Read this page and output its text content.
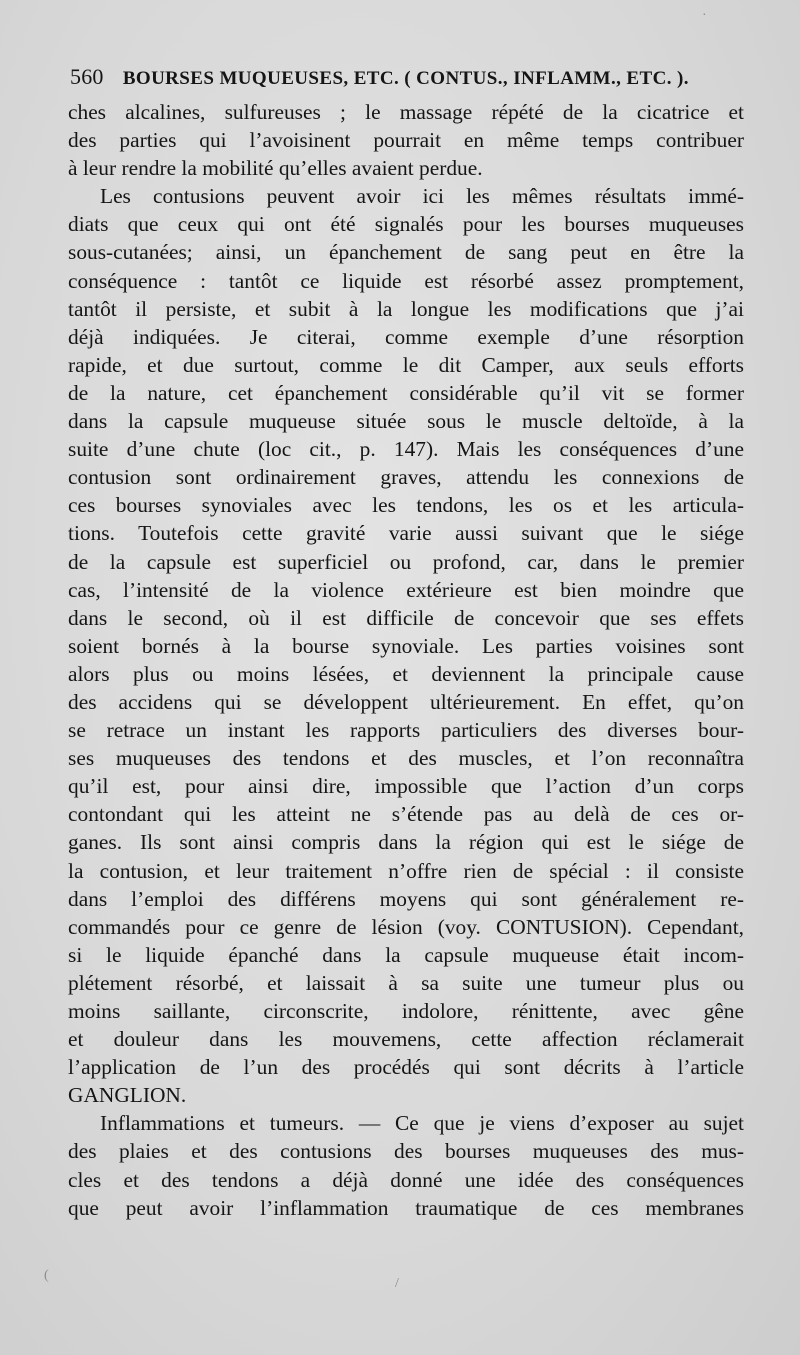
560 BOURSES MUQUEUSES, ETC. ( CONTUS., INFLAMM., ETC. ).
ches alcalines, sulfureuses ; le massage répété de la cicatrice et
des parties qui l’avoisinent pourrait en même temps contribuer
à leur rendre la mobilité qu’elles avaient perdue.
Les contusions peuvent avoir ici les mêmes résultats immé-
diats que ceux qui ont été signalés pour les bourses muqueuses
sous-cutanées; ainsi, un épanchement de sang peut en être la
conséquence : tantôt ce liquide est résorbé assez promptement,
tantôt il persiste, et subit à la longue les modifications que j’ai
déjà indiquées. Je citerai, comme exemple d’une résorption
rapide, et due surtout, comme le dit Camper, aux seuls efforts
de la nature, cet épanchement considérable qu’il vit se former
dans la capsule muqueuse située sous le muscle deltoïde, à la
suite d’une chute (loc cit., p. 147). Mais les conséquences d’une
contusion sont ordinairement graves, attendu les connexions de
ces bourses synoviales avec les tendons, les os et les articula-
tions. Toutefois cette gravité varie aussi suivant que le siége
de la capsule est superficiel ou profond, car, dans le premier
cas, l’intensité de la violence extérieure est bien moindre que
dans le second, où il est difficile de concevoir que ses effets
soient bornés à la bourse synoviale. Les parties voisines sont
alors plus ou moins lésées, et deviennent la principale cause
des accidens qui se développent ultérieurement. En effet, qu’on
se retrace un instant les rapports particuliers des diverses bour-
ses muqueuses des tendons et des muscles, et l’on reconnaîtra
qu’il est, pour ainsi dire, impossible que l’action d’un corps
contondant qui les atteint ne s’étende pas au delà de ces or-
ganes. Ils sont ainsi compris dans la région qui est le siége de
la contusion, et leur traitement n’offre rien de spécial : il consiste
dans l’emploi des différens moyens qui sont généralement re-
commandés pour ce genre de lésion (voy. CONTUSION). Cependant,
si le liquide épanché dans la capsule muqueuse était incom-
plétement résorbé, et laissait à sa suite une tumeur plus ou
moins saillante, circonscrite, indolore, rénittente, avec gêne
et douleur dans les mouvemens, cette affection réclamerait
l’application de l’un des procédés qui sont décrits à l’article
GANGLION.
Inflammations et tumeurs. — Ce que je viens d’exposer au sujet
des plaies et des contusions des bourses muqueuses des mus-
cles et des tendons a déjà donné une idée des conséquences
que peut avoir l’inflammation traumatique de ces membranes
·
/
(
